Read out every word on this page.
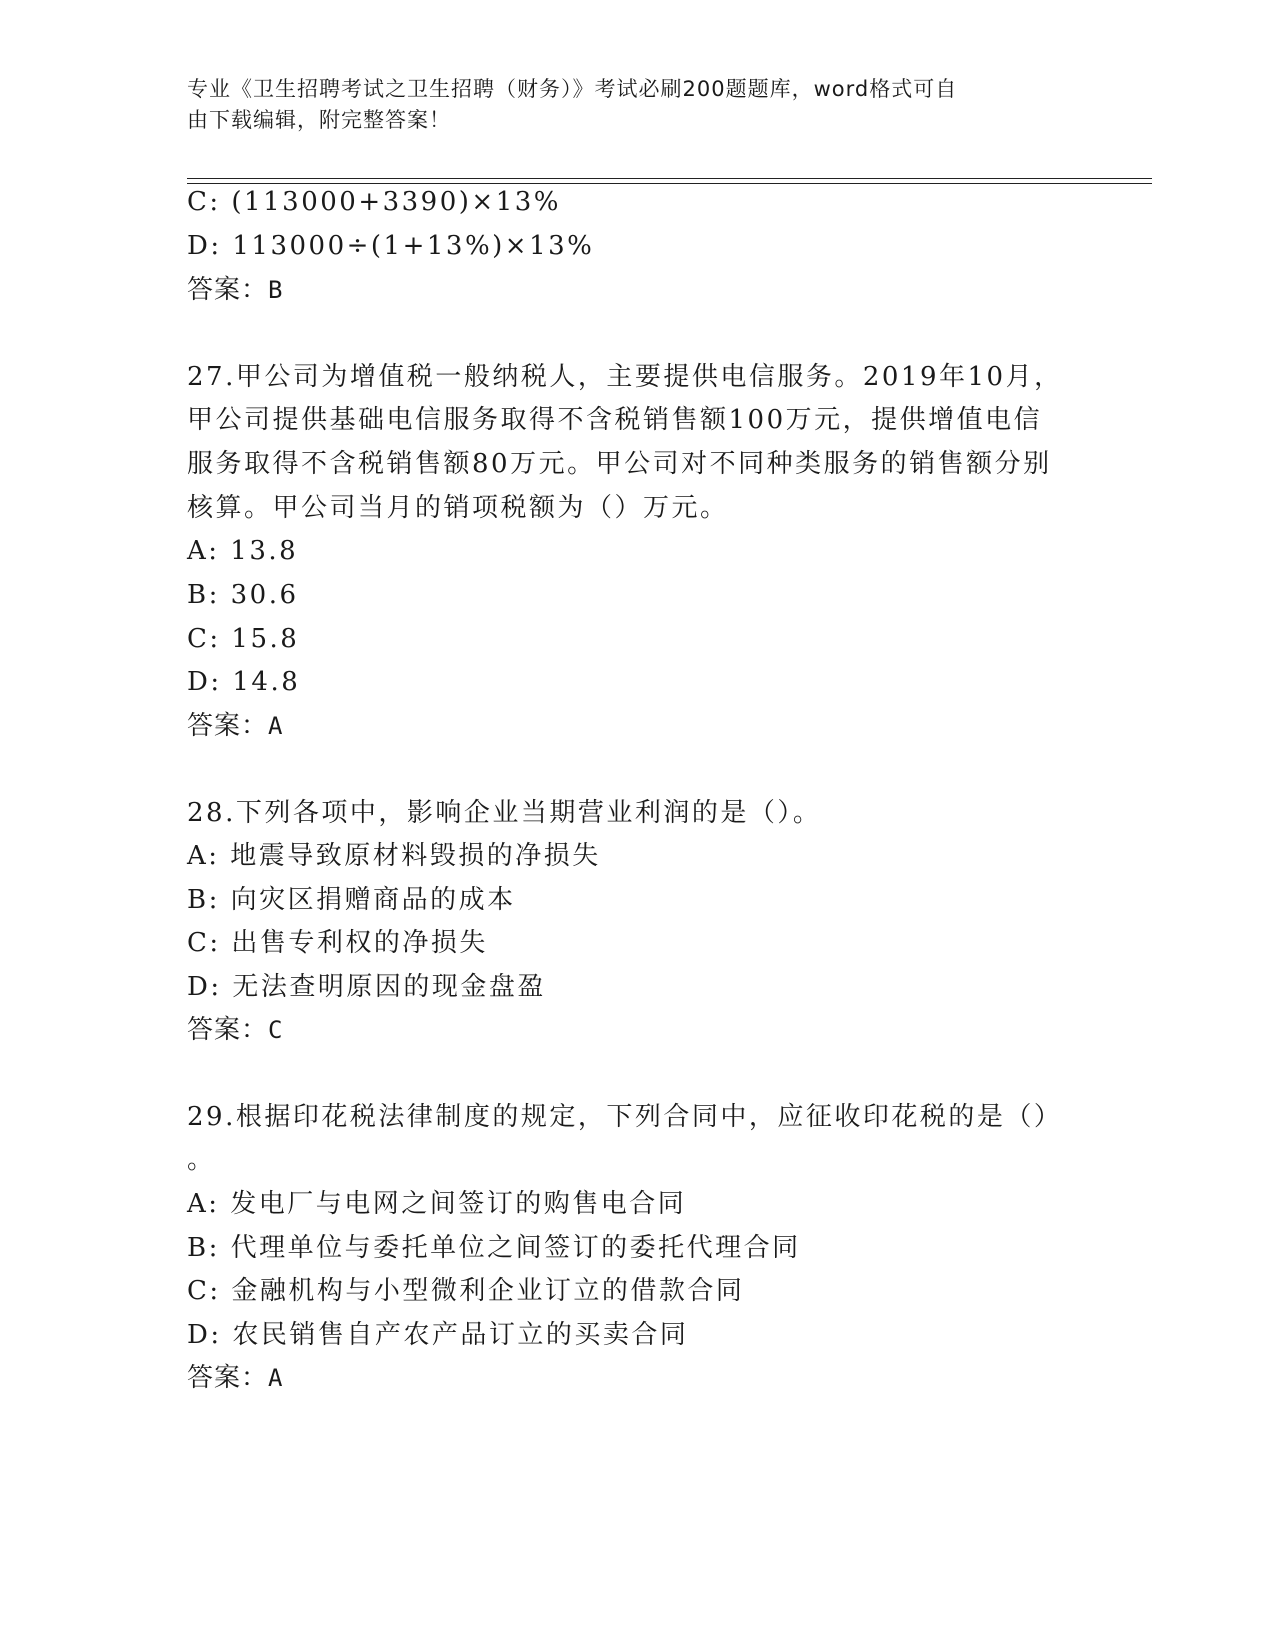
专业《卫生招聘考试之卫生招聘（财务）》考试必刷200题题库，word格式可自
由下载编辑，附完整答案！
C: (113000+3390)×13%
D: 113000÷(1+13%)×13%
答案：B
27.甲公司为增值税一般纳税人，主要提供电信服务。2019年10月，
甲公司提供基础电信服务取得不含税销售额100万元，提供增值电信
服务取得不含税销售额80万元。甲公司对不同种类服务的销售额分别
核算。甲公司当月的销项税额为（）万元。
A: 13.8
B: 30.6
C: 15.8
D: 14.8
答案：A
28.下列各项中，影响企业当期营业利润的是（）。
A: 地震导致原材料毁损的净损失
B: 向灾区捐赠商品的成本
C: 出售专利权的净损失
D: 无法查明原因的现金盘盈
答案：C
29.根据印花税法律制度的规定，下列合同中，应征收印花税的是（）
。
A: 发电厂与电网之间签订的购售电合同
B: 代理单位与委托单位之间签订的委托代理合同
C: 金融机构与小型微利企业订立的借款合同
D: 农民销售自产农产品订立的买卖合同
答案：A
